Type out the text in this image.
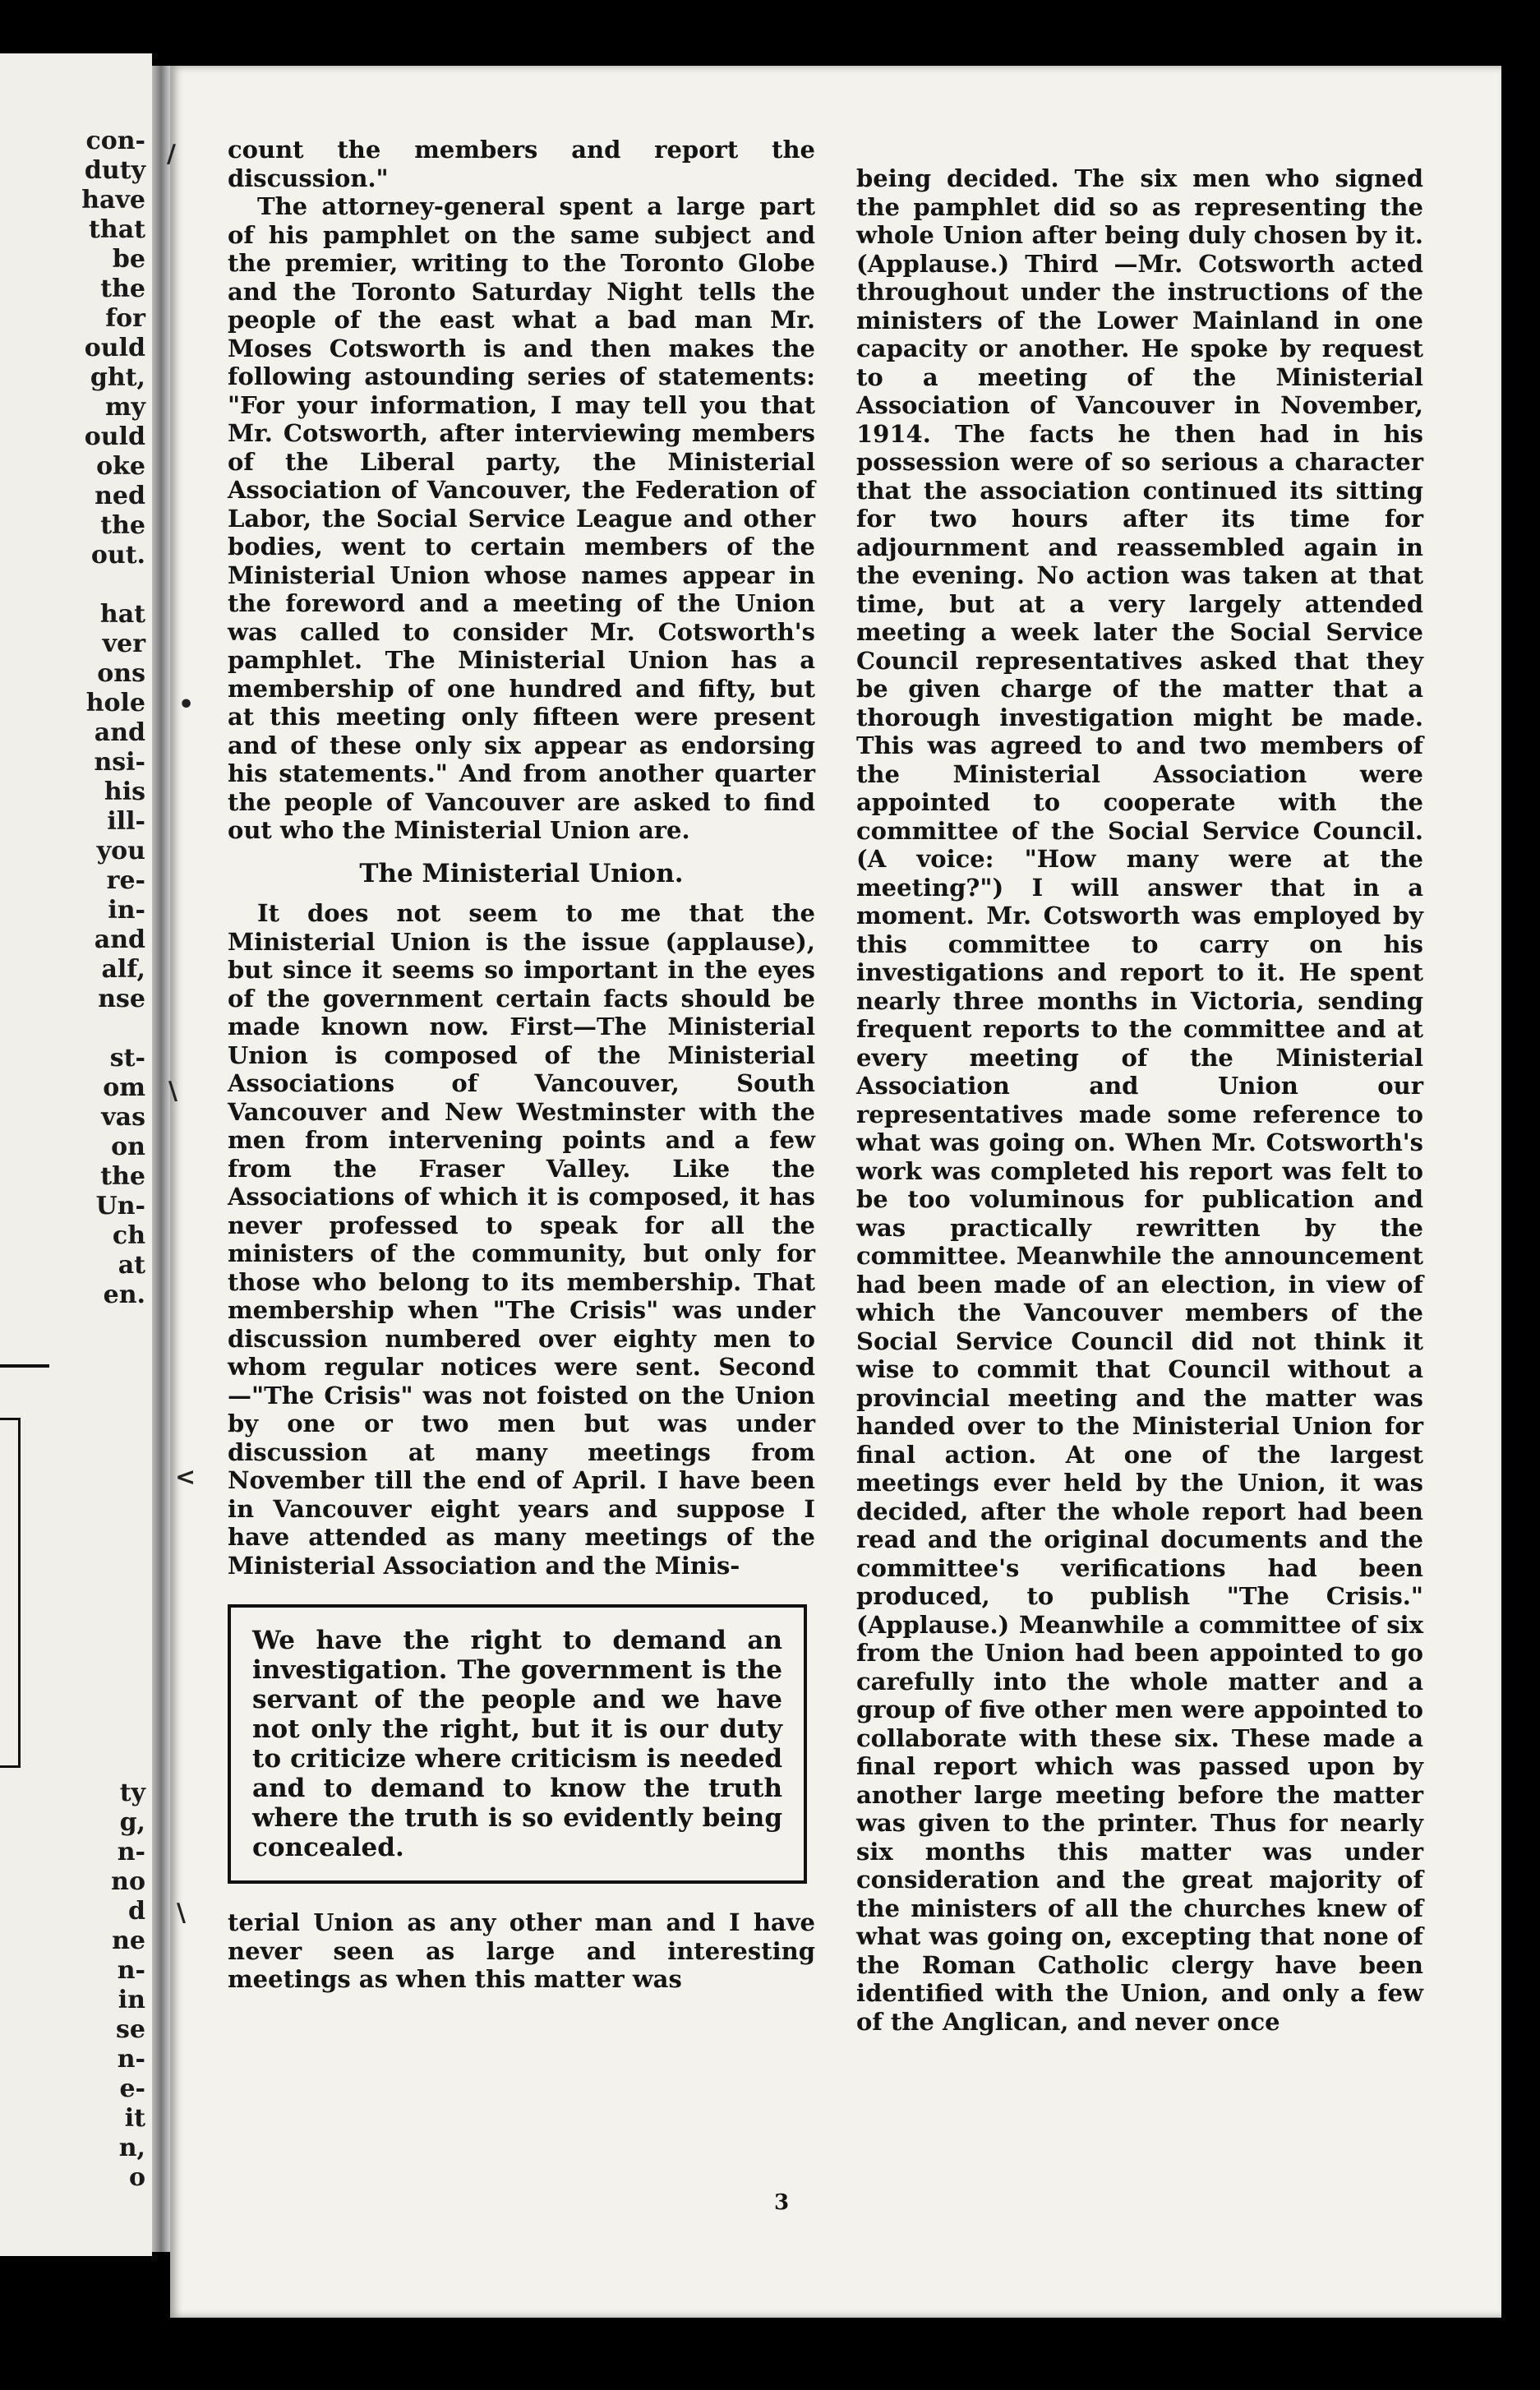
con-
duty
have
that
be
the
for
ould
ght,
my
ould
oke
ned
the
out.
hat
ver
ons
hole
and
nsi-
his
ill-
you
re-
in-
and
alf,
nse
st-
om
vas
on
the
Un-
ch
at
en.
ty
g,
n-
no
d
ne
n-
in
se
n-
e-
it
n,
o
/
•
\
<
\

count the members and report the discussion."

The attorney-general spent a large part of his pamphlet on the same subject and the premier, writing to the Toronto Globe and the Toronto Saturday Night tells the people of the east what a bad man Mr. Moses Cotsworth is and then makes the following astounding series of statements: "For your information, I may tell you that Mr. Cotsworth, after interviewing members of the Liberal party, the Ministerial Association of Vancouver, the Federation of Labor, the Social Service League and other bodies, went to certain members of the Ministerial Union whose names appear in the foreword and a meeting of the Union was called to consider Mr. Cotsworth's pamphlet. The Ministerial Union has a membership of one hundred and fifty, but at this meeting only fifteen were present and of these only six appear as endorsing his statements." And from another quarter the people of Vancouver are asked to find out who the Ministerial Union are.

The Ministerial Union.

It does not seem to me that the Ministerial Union is the issue (applause), but since it seems so important in the eyes of the government certain facts should be made known now. First—The Ministerial Union is composed of the Ministerial Associations of Vancouver, South Vancouver and New Westminster with the men from intervening points and a few from the Fraser Valley. Like the Associations of which it is composed, it has never professed to speak for all the ministers of the community, but only for those who belong to its membership. That membership when "The Crisis" was under discussion numbered over eighty men to whom regular notices were sent. Second—"The Crisis" was not foisted on the Union by one or two men but was under discussion at many meetings from November till the end of April. I have been in Vancouver eight years and suppose I have attended as many meetings of the Ministerial Association and the Minis-

We have the right to demand an investigation. The government is the servant of the people and we have not only the right, but it is our duty to criticize where criticism is needed and to demand to know the truth where the truth is so evidently being concealed.

terial Union as any other man and I have never seen as large and interesting meetings as when this matter was

being decided. The six men who signed the pamphlet did so as representing the whole Union after being duly chosen by it. (Applause.) Third —Mr. Cotsworth acted throughout under the instructions of the ministers of the Lower Mainland in one capacity or another. He spoke by request to a meeting of the Ministerial Association of Vancouver in November, 1914. The facts he then had in his possession were of so serious a character that the association continued its sitting for two hours after its time for adjournment and reassembled again in the evening. No action was taken at that time, but at a very largely attended meeting a week later the Social Service Council representatives asked that they be given charge of the matter that a thorough investigation might be made. This was agreed to and two members of the Ministerial Association were appointed to cooperate with the committee of the Social Service Council. (A voice: "How many were at the meeting?") I will answer that in a moment. Mr. Cotsworth was employed by this committee to carry on his investigations and report to it. He spent nearly three months in Victoria, sending frequent reports to the committee and at every meeting of the Ministerial Association and Union our representatives made some reference to what was going on. When Mr. Cotsworth's work was completed his report was felt to be too voluminous for publication and was practically rewritten by the committee. Meanwhile the announcement had been made of an election, in view of which the Vancouver members of the Social Service Council did not think it wise to commit that Council without a provincial meeting and the matter was handed over to the Ministerial Union for final action. At one of the largest meetings ever held by the Union, it was decided, after the whole report had been read and the original documents and the committee's verifications had been produced, to publish "The Crisis." (Applause.) Meanwhile a committee of six from the Union had been appointed to go carefully into the whole matter and a group of five other men were appointed to collaborate with these six. These made a final report which was passed upon by another large meeting before the matter was given to the printer. Thus for nearly six months this matter was under consideration and the great majority of the ministers of all the churches knew of what was going on, excepting that none of the Roman Catholic clergy have been identified with the Union, and only a few of the Anglican, and never once

3
